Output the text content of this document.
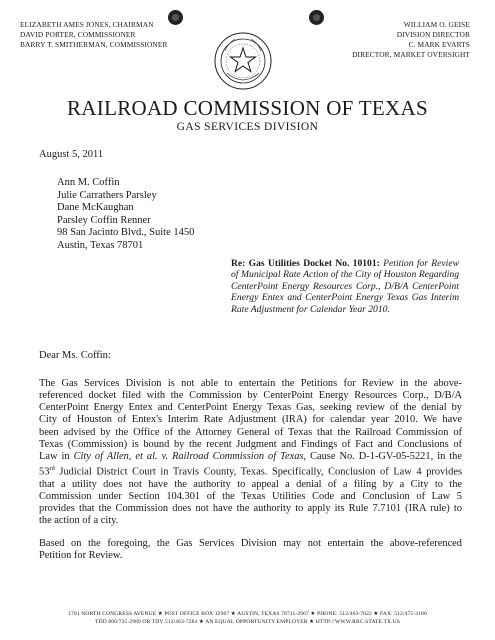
ELIZABETH AMES JONES, CHAIRMAN
DAVID PORTER, COMMISSIONER
BARRY T. SMITHERMAN, COMMISSIONER
WILLIAM O. GEISE
DIVISION DIRECTOR
C. MARK EVARTS
DIRECTOR, MARKET OVERSIGHT
RAILROAD COMMISSION OF TEXAS
GAS SERVICES DIVISION
August 5, 2011
Ann M. Coffin
Julie Carrathers Parsley
Dane McKaughan
Parsley Coffin Renner
98 San Jacinto Blvd., Suite 1450
Austin, Texas 78701
Re: Gas Utilities Docket No. 10101: Petition for Review of Municipal Rate Action of the City of Houston Regarding CenterPoint Energy Resources Corp., D/B/A CenterPoint Energy Entex and CenterPoint Energy Texas Gas Interim Rate Adjustment for Calendar Year 2010.
Dear Ms. Coffin:
The Gas Services Division is not able to entertain the Petitions for Review in the above-
referenced docket filed with the Commission by CenterPoint Energy Resources Corp., D/B/A
CenterPoint Energy Entex and CenterPoint Energy Texas Gas, seeking review of the denial by
City of Houston of Entex's Interim Rate Adjustment (IRA) for calendar year 2010. We have
been advised by the Office of the Attorney General of Texas that the Railroad Commission of
Texas (Commission) is bound by the recent Judgment and Findings of Fact and Conclusions of
Law in City of Allen, et al. v. Railroad Commission of Texas, Cause No. D-1-GV-05-5221, in the
53rd Judicial District Court in Travis County, Texas. Specifically, Conclusion of Law 4 provides
that a utility does not have the authority to appeal a denial of a filing by a City to the
Commission under Section 104.301 of the Texas Utilities Code and Conclusion of Law 5
provides that the Commission does not have the authority to apply its Rule 7.7101 (IRA rule) to
the action of a city.
Based on the foregoing, the Gas Services Division may not entertain the above-referenced
Petition for Review.
1701 NORTH CONGRESS AVENUE ★ POST OFFICE BOX 12967 ★ AUSTIN, TEXAS 78711-2967 ★ PHONE: 512/463-7022 ★ FAX: 512/475-3180
TDD 800/735-2989 OR TDY 512/463-7284 ★ AN EQUAL OPPORTUNITY EMPLOYER ★ HTTP://WWW.RRC.STATE.TX.US
